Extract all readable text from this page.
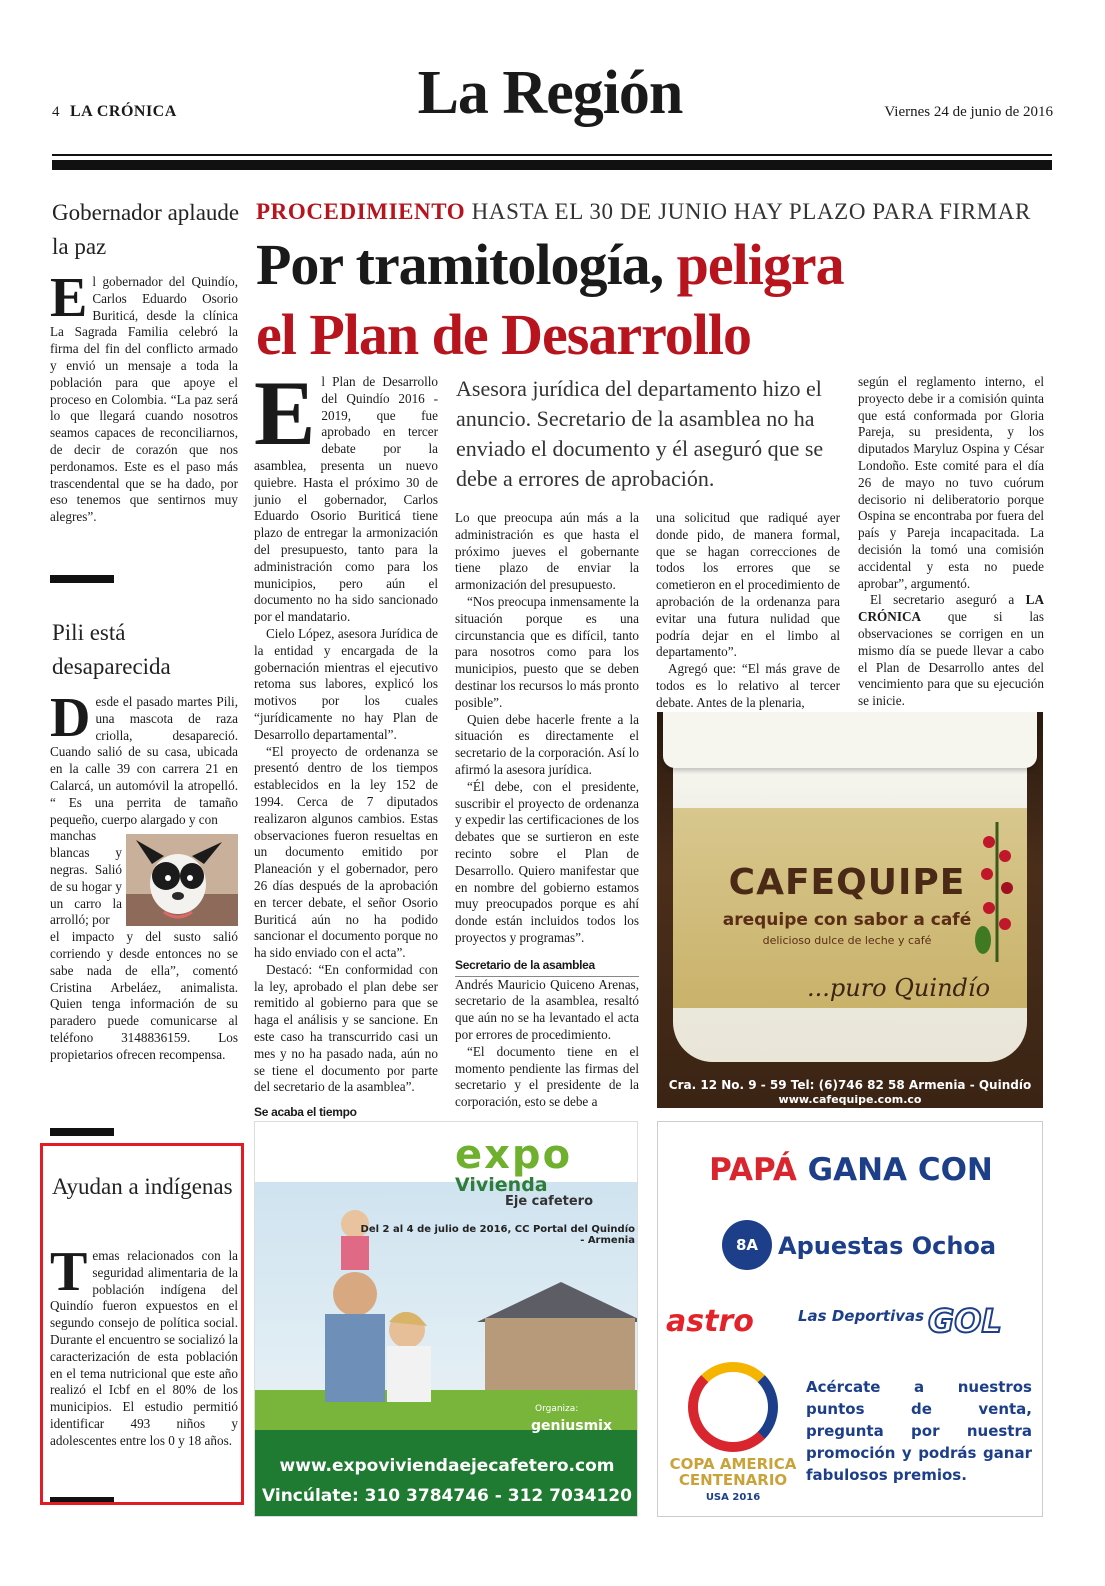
4 LA CRÓNICA	La Región	Viernes 24 de junio de 2016
Gobernador aplaude la paz
El gobernador del Quindío, Carlos Eduardo Osorio Buriticá, desde la clínica La Sagrada Familia celebró la firma del fin del conflicto armado y envió un mensaje a toda la población para que apoye el proceso en Colombia. “La paz será lo que llegará cuando nosotros seamos capaces de reconciliarnos, de decir de corazón que nos perdonamos. Este es el paso más trascendental que se ha dado, por eso tenemos que sentirnos muy alegres”.
Pili está desaparecida
Desde el pasado martes Pili, una mascota de raza criolla, desapareció. Cuando salió de su casa, ubicada en la calle 39 con carrera 21 en Calarcá, un automóvil la atropelló. “ Es una perrita de tamaño pequeño, cuerpo alargado y con
manchas blancas y negras. Salió de su hogar y un carro la arrolló; por
el impacto y del susto salió corriendo y desde entonces no se sabe nada de ella”, comentó Cristina Arbeláez, animalista. Quien tenga información de su paradero puede comunicarse al teléfono 3148836159. Los propietarios ofrecen recompensa.
Ayudan a indígenas
Temas relacionados con la seguridad alimentaria de la población indígena del Quindío fueron expuestos en el segundo consejo de política social. Durante el encuentro se socializó la caracterización de esta población en el tema nutricional que este año realizó el Icbf en el 80% de los municipios. El estudio permitió identificar 493 niños y adolescentes entre los 0 y 18 años.
PROCEDIMIENTO HASTA EL 30 DE JUNIO HAY PLAZO PARA FIRMAR
Por tramitología, peligra
el Plan de Desarrollo

El Plan de Desarrollo del Quindío 2016 - 2019, que fue aprobado en tercer debate por la asamblea, presenta un nuevo quiebre. Hasta el próximo 30 de junio el gobernador, Carlos Eduardo Osorio Buriticá tiene plazo de entregar la armonización del presupuesto, tanto para la administración como para los municipios, pero aún el documento no ha sido sancionado por el mandatario.

Cielo López, asesora Jurídica de la entidad y encargada de la gobernación mientras el ejecutivo retoma sus labores, explicó los motivos por los cuales “jurídicamente no hay Plan de Desarrollo departamental”.

“El proyecto de ordenanza se presentó dentro de los tiempos establecidos en la ley 152 de 1994. Cerca de 7 diputados realizaron algunos cambios. Estas observaciones fueron resueltas en un documento emitido por Planeación y el gobernador, pero 26 días después de la aprobación en tercer debate, el señor Osorio Buriticá aún no ha podido sancionar el documento porque no ha sido enviado con el acta”.

Destacó: “En conformidad con la ley, aprobado el plan debe ser remitido al gobierno para que se haga el análisis y se sancione. En este caso ha transcurrido casi un mes y no ha pasado nada, aún no se tiene el documento por parte del secretario de la asamblea”.

Se acaba el tiempo
Asesora jurídica del departamento hizo el anuncio. Secretario de la asamblea no ha enviado el documento y él aseguró que se debe a errores de aprobación.

Lo que preocupa aún más a la administración es que hasta el próximo jueves el gobernante tiene plazo de enviar la armonización del presupuesto.

“Nos preocupa inmensamente la situación porque es una circunstancia que es difícil, tanto para nosotros como para los municipios, puesto que se deben destinar los recursos lo más pronto posible”.

Quien debe hacerle frente a la situación es directamente el secretario de la corporación. Así lo afirmó la asesora jurídica.

“Él debe, con el presidente, suscribir el proyecto de ordenanza y expedir las certificaciones de los debates que se surtieron en este recinto sobre el Plan de Desarrollo. Quiero manifestar que en nombre del gobierno estamos muy preocupados porque es ahí donde están incluidos todos los proyectos y programas”.

Secretario de la asamblea

Andrés Mauricio Quiceno Arenas, secretario de la asamblea, resaltó que aún no se ha levantado el acta por errores de procedimiento.

“El documento tiene en el momento pendiente las firmas del secretario y el presidente de la corporación, esto se debe a

una solicitud que radiqué ayer donde pido, de manera formal, que se hagan correcciones de todos los errores que se cometieron en el procedimiento de aprobación de la ordenanza para evitar una futura nulidad que podría dejar en el limbo al departamento”.

Agregó que: “El más grave de todos es lo relativo al tercer debate. Antes de la plenaria,

según el reglamento interno, el proyecto debe ir a comisión quinta que está conformada por Gloria Pareja, su presidenta, y los diputados Maryluz Ospina y César Londoño. Este comité para el día 26 de mayo no tuvo cuórum decisorio ni deliberatorio porque Ospina se encontraba por fuera del país y Pareja incapacitada. La decisión la tomó una comisión accidental y esta no puede aprobar”, argumentó.

El secretario aseguró a LA CRÓNICA que si las observaciones se corrigen en un mismo día se puede llevar a cabo el Plan de Desarrollo antes del vencimiento para que su ejecución se inicie.

CAFEQUIPE
arequipe con sabor a café
delicioso dulce de leche y café
...puro Quindío
Cra. 12 No. 9 - 59 Tel: (6)746 82 58 Armenia - Quindío
www.cafequipe.com.co
expo
Vivienda
Eje cafetero
Del 2 al 4 de julio de 2016, CC Portal del Quindío - Armenia
Organiza:
geniusmix
www.expoviviendaejecafetero.com
Vincúlate: 310 3784746 - 312 7034120
PAPÁ GANA CON
8A Apuestas Ochoa
astro	Las Deportivas GOL
COPA AMERICA CENTENARIO
USA 2016
Acércate a nuestros puntos de venta, pregunta por nuestra promoción y podrás ganar fabulosos premios.
